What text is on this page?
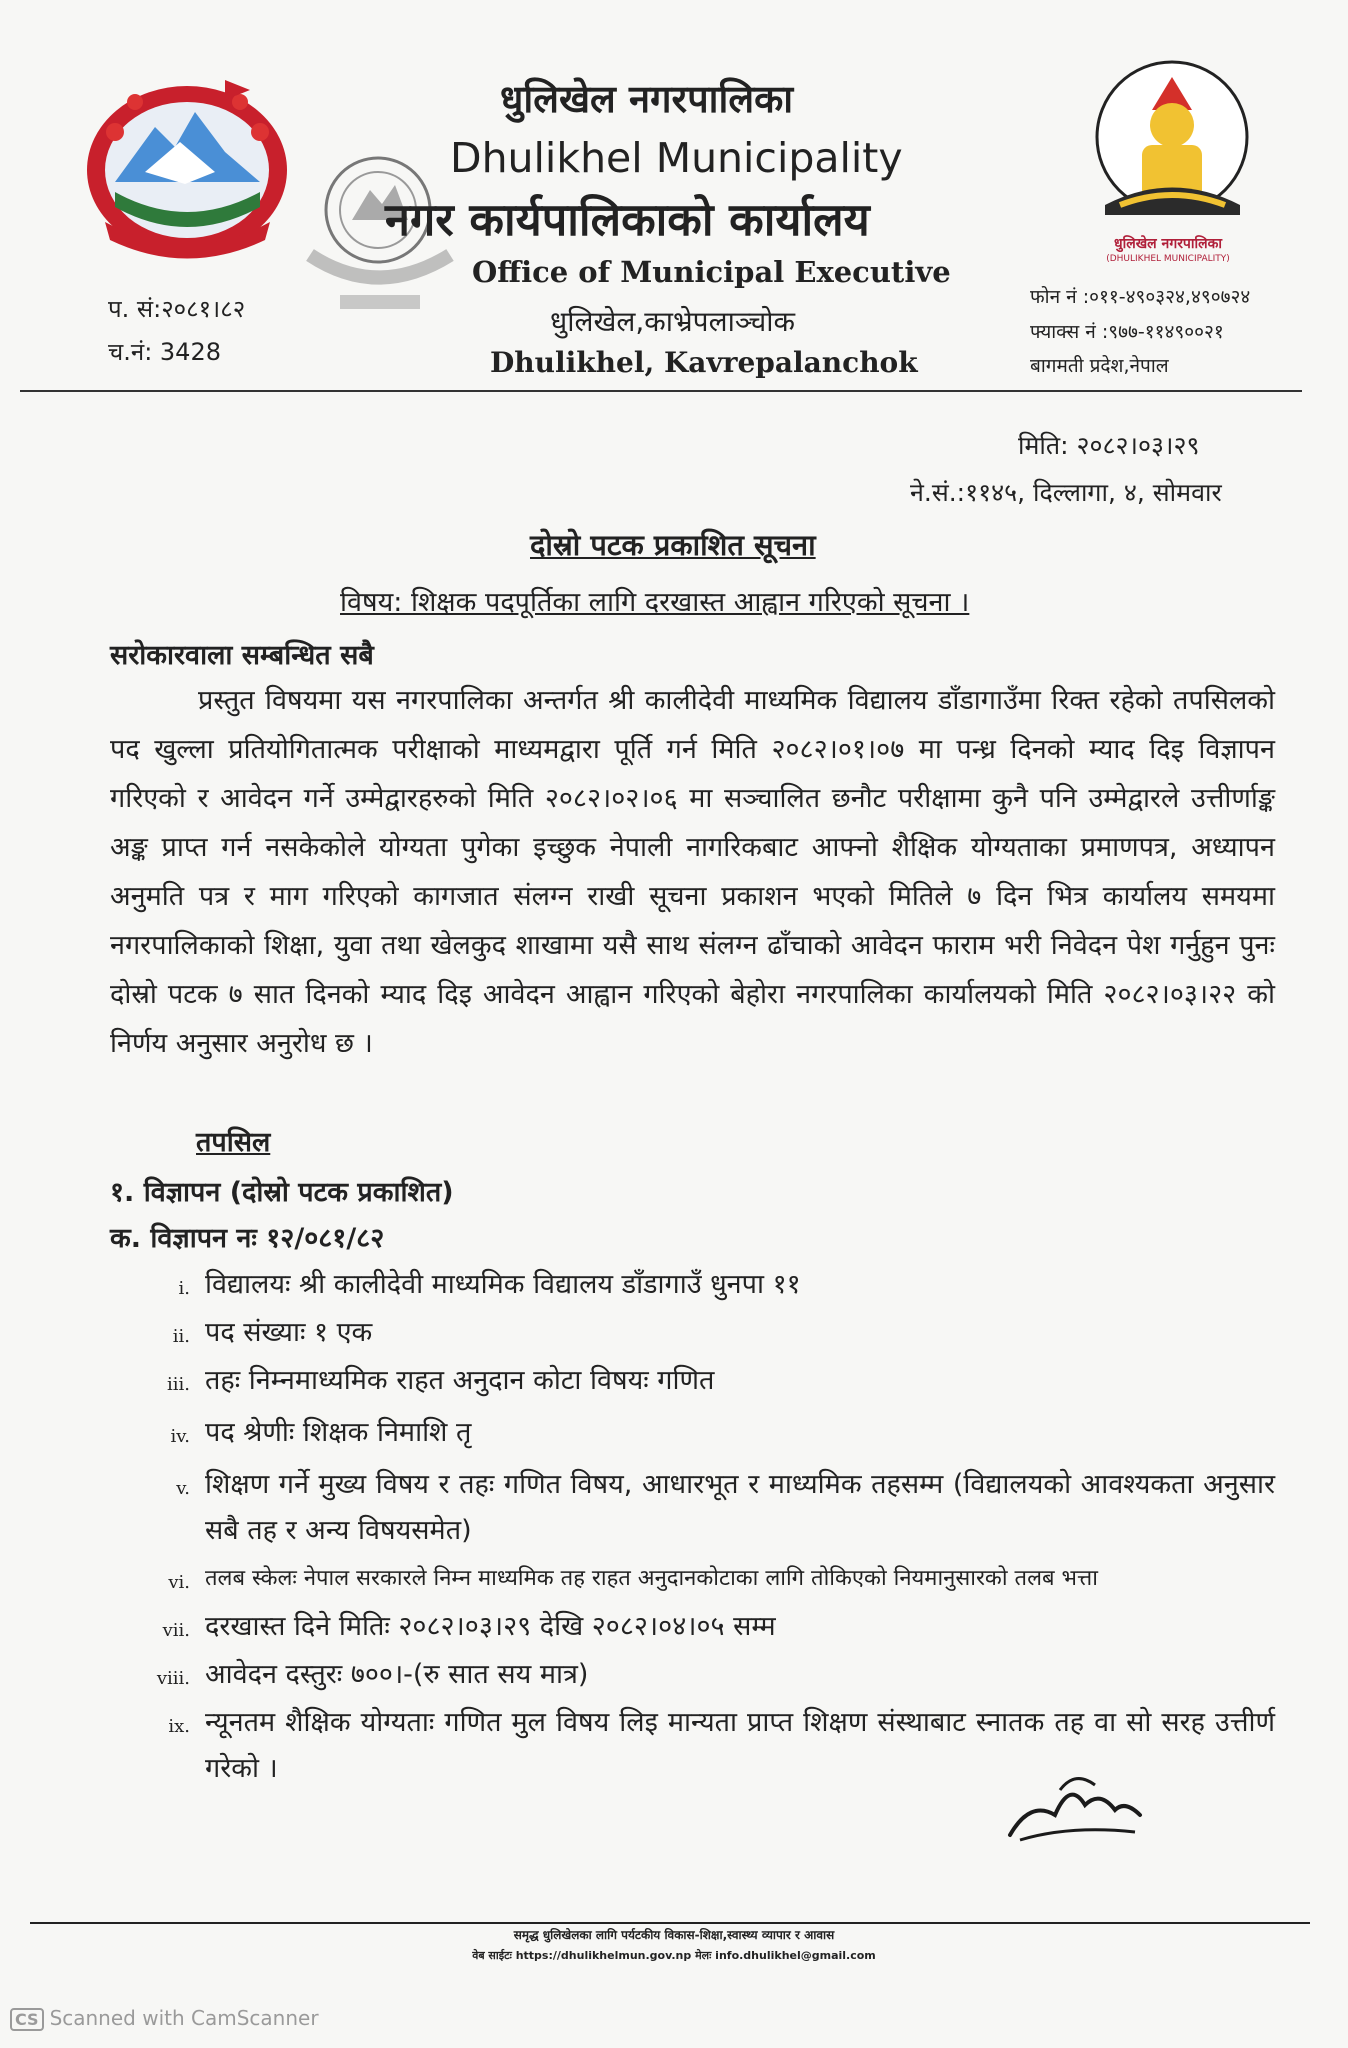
धुलिखेल नगरपालिका
(DHULIKHEL MUNICIPALITY)
धुलिखेल नगरपालिका
Dhulikhel Municipality
नगर कार्यपालिकाको कार्यालय
Office of Municipal Executive
धुलिखेल,काभ्रेपलाञ्चोक
Dhulikhel, Kavrepalanchok
प. सं:२०८१।८२
च.नं: 3428
फोन नं :०११-४९०३२४,४९०७२४
फ्याक्स नं :९७७-११४९००२१
बागमती प्रदेश,नेपाल
मिति: २०८२।०३।२९
ने.सं.:११४५, दिल्लागा, ४, सोमवार
दोस्रो पटक प्रकाशित सूचना
विषय: शिक्षक पदपूर्तिका लागि दरखास्त आह्वान गरिएको सूचना ।
सरोकारवाला सम्बन्धित सबै

प्रस्तुत विषयमा यस नगरपालिका अन्तर्गत श्री कालीदेवी माध्यमिक विद्यालय डाँडागाउँमा रिक्त रहेको तपसिलको पद खुल्ला प्रतियोगितात्मक परीक्षाको माध्यमद्वारा पूर्ति गर्न मिति २०८२।०१।०७ मा पन्ध्र दिनको म्याद दिइ विज्ञापन गरिएको र आवेदन गर्ने उम्मेद्वारहरुको मिति २०८२।०२।०६ मा सञ्चालित छनौट परीक्षामा कुनै पनि उम्मेद्वारले उत्तीर्णाङ्क अङ्क प्राप्त गर्न नसकेकोले योग्यता पुगेका इच्छुक नेपाली नागरिकबाट आफ्नो शैक्षिक योग्यताका प्रमाणपत्र, अध्यापन अनुमति पत्र र माग गरिएको कागजात संलग्न राखी सूचना प्रकाशन भएको मितिले ७ दिन भित्र कार्यालय समयमा नगरपालिकाको शिक्षा, युवा तथा खेलकुद शाखामा यसै साथ संलग्न ढाँचाको आवेदन फाराम भरी निवेदन पेश गर्नुहुन पुनः दोस्रो पटक ७ सात दिनको म्याद दिइ आवेदन आह्वान गरिएको बेहोरा नगरपालिका कार्यालयको मिति २०८२।०३।२२ को निर्णय अनुसार अनुरोध छ ।

तपसिल
१. विज्ञापन (दोस्रो पटक प्रकाशित)
क. विज्ञापन नः १२/०८१/८२
i. विद्यालयः श्री कालीदेवी माध्यमिक विद्यालय डाँडागाउँ धुनपा ११
ii. पद संख्याः १ एक
iii. तहः निम्नमाध्यमिक राहत अनुदान कोटा विषयः गणित
iv. पद श्रेणीः शिक्षक निमाशि तृ
v. शिक्षण गर्ने मुख्य विषय र तहः गणित विषय, आधारभूत र माध्यमिक तहसम्म (विद्यालयको आवश्यकता अनुसार सबै तह र अन्य विषयसमेत)
vi. तलब स्केलः नेपाल सरकारले निम्न माध्यमिक तह राहत अनुदानकोटाका लागि तोकिएको नियमानुसारको तलब भत्ता
vii. दरखास्त दिने मितिः २०८२।०३।२९ देखि २०८२।०४।०५ सम्म
viii. आवेदन दस्तुरः ७००।-(रु सात सय मात्र)
ix. न्यूनतम शैक्षिक योग्यताः गणित मुल विषय लिइ मान्यता प्राप्त शिक्षण संस्थाबाट स्नातक तह वा सो सरह उत्तीर्ण गरेको ।
समृद्ध धुलिखेलका लागि पर्यटकीय विकास-शिक्षा,स्वास्थ्य व्यापार र आवास
वेब साईटः https://dhulikhelmun.gov.np मेलः info.dhulikhel@gmail.com
CS Scanned with CamScanner
